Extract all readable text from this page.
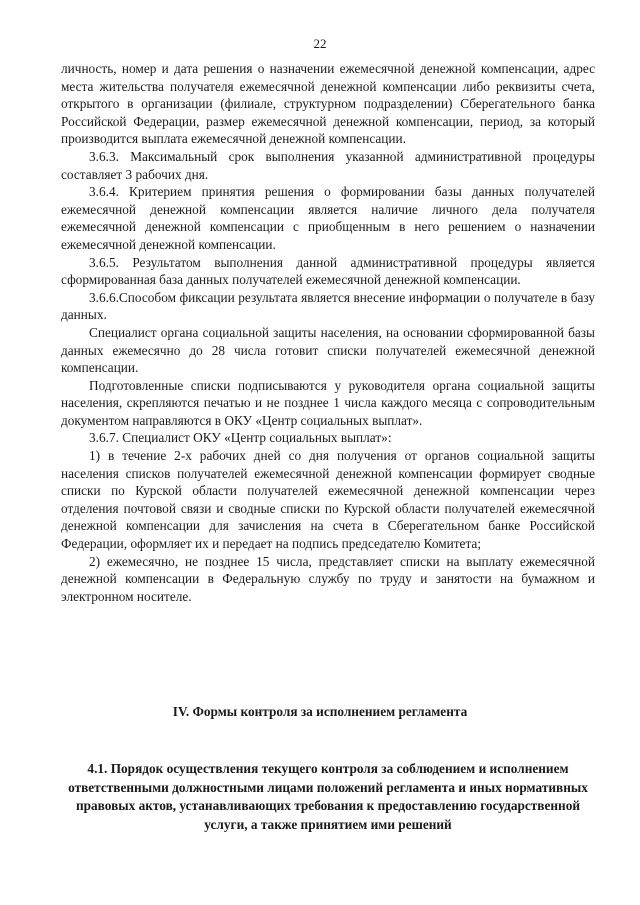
22

личность, номер и дата решения о назначении ежемесячной денежной компенсации, адрес места жительства получателя ежемесячной денежной компенсации либо реквизиты счета, открытого в организации (филиале, структурном подразделении) Сберегательного банка Российской Федерации, размер ежемесячной денежной компенсации, период, за который производится выплата ежемесячной денежной компенсации.

3.6.3. Максимальный срок выполнения указанной административной процедуры составляет 3 рабочих дня.

3.6.4. Критерием принятия решения о формировании базы данных получателей ежемесячной денежной компенсации является наличие личного дела получателя ежемесячной денежной компенсации с приобщенным в него решением о назначении ежемесячной денежной компенсации.

3.6.5. Результатом выполнения данной административной процедуры является сформированная база данных получателей ежемесячной денежной компенсации.

3.6.6.Способом фиксации результата является внесение информации о получателе в базу данных.

Специалист органа социальной защиты населения, на основании сформированной базы данных ежемесячно до 28 числа готовит списки получателей ежемесячной денежной компенсации.

Подготовленные списки подписываются у руководителя органа социальной защиты населения, скрепляются печатью и не позднее 1 числа каждого месяца с сопроводительным документом направляются в ОКУ «Центр социальных выплат».

3.6.7. Специалист ОКУ «Центр социальных выплат»:

1) в течение 2-х рабочих дней со дня получения от органов социальной защиты населения списков получателей ежемесячной денежной компенсации формирует сводные списки по Курской области получателей ежемесячной денежной компенсации через отделения почтовой связи и сводные списки по Курской области получателей ежемесячной денежной компенсации для зачисления на счета в Сберегательном банке Российской Федерации, оформляет их и передает на подпись председателю Комитета;

2) ежемесячно, не позднее 15 числа, представляет списки на выплату ежемесячной денежной компенсации в Федеральную службу по труду и занятости на бумажном и электронном носителе.

IV. Формы контроля за исполнением регламента
4.1. Порядок осуществления текущего контроля за соблюдением и исполнением ответственными должностными лицами положений регламента и иных нормативных правовых актов, устанавливающих требования к предоставлению государственной услуги, а также принятием ими решений
